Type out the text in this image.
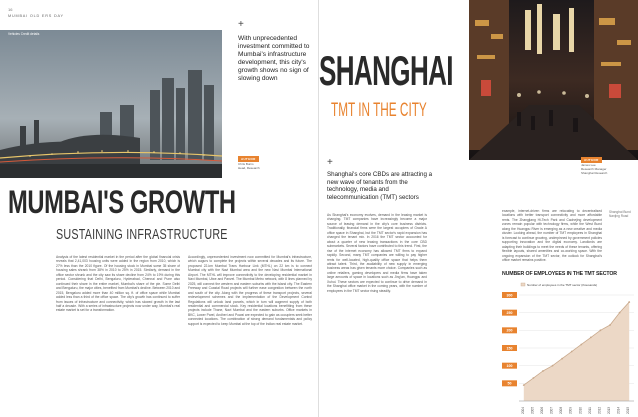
16
MUMBAI OLD ERS DAY
Vehicles Credit details
+
With unprecedented investment committed to Mumbai's infrastructure development, this city's growth shows no sign of slowing down
AUTHOR
Chris Burns
Head, Research
MUMBAI'S GROWTH
SUSTAINING INFRASTRUCTURE
Analysis of the latest residential market in the period after the global financial crisis reveals that 2,41,003 housing units were added in the region from 2010, which is 27% less than the 2010 figure. Of the housing stock in Mumbai some 35 share of housing sales shrank from 38% in 2010 to 25% in 2015. Similarly, demand in the office sector shrunk and the city saw its share decline from 24% to 19% during this period. Considering that Delhi, Bengaluru, Hyderabad, Chennai and Pune also continued their share in the entire market, Mumbai's share of the pie. Some Delhi and Bengaluru, the major cities, benefited from Mumbai's decline. Between 2010 and 2015, Bengaluru added more than 40 million sq. ft. of office space while Mumbai added less than a third of the office space. The city's growth has continued to suffer from issues of infrastructure and connectivity, which has slowed growth in the last half a decade. With a series of infrastructure projects now under way, Mumbai's real estate market is set for a transformation.
Accordingly, unprecedented investment now committed for Mumbai's infrastructure, which augurs to complete the projects within several decades and its future. The proposed 22-km Mumbai Trans Harbour Link (MTHL) on 22 km is to connect Mumbai city with the Navi Mumbai area and the new Navi Mumbai International Airport. The MTHL will improve connectivity to the developing residential market in Navi Mumbai, Ulwe and Panvel. The Mumbai Metro network, with 8 lines planned by 2025, will connect the western and eastern suburbs with the island city. The Eastern Freeway and Coastal Road projects will further ease congestion between the north and south of the city. Along with the progress of these transport projects, several redevelopment schemes and the implementation of the Development Control Regulations will unlock land parcels, which in turn will augment supply of both residential and commercial stock. Key residential locations benefitting from these projects include Thane, Navi Mumbai and the eastern suburbs. Office markets in BKC, Lower Parel, Andheri and Powai are expected to gain as occupiers seek better connected locations. The combination of strong demand fundamentals and policy support is expected to keep Mumbai at the top of the Indian real estate market.
Shanghai Bund
Nanjing Road
AUTHOR
James Lee
Research Manager
Shanghai Research
SHANGHAI
TMT IN THE CITY
+
Shanghai's core CBDs are attracting a new wave of tenants from the technology, media and telecommunication (TMT) sectors
As Shanghai's economy evolves, demand in the leasing market is changing. TMT companies have increasingly become a major source of leasing demand in the city's core business districts. Traditionally, financial firms were the largest occupiers of Grade A office space in Shanghai, but the TMT sector's rapid expansion has changed the tenant mix. In 2016 the TMT sector accounted for about a quarter of new leasing transactions in the core CBD submarkets. Several factors have contributed to this trend. First, the rise of the internet economy has allowed TMT firms to expand rapidly. Second, many TMT companies are willing to pay higher rents for well-located, high-quality office space that helps them attract talent. Third, the availability of new supply in emerging business areas has given tenants more choice. Companies such as online retailers, gaming developers and media firms have taken large amounts of space in locations such as Jing'an, Huangpu and Xuhui. These sectors are expected to continue to drive demand in the Shanghai office market in the coming years, with the number of employees in the TMT sector rising steadily.
example, internet-driven firms are relocating to decentralised locations with better transport connectivity and more affordable rents. The Zhangjiang Hi-Tech Park and Caohejing development zones remain popular with technology firms, while the West Bund along the Huangpu River is emerging as a new creative and media cluster. Looking ahead, the number of TMT employees in Shanghai is forecast to continue growing, underpinned by government policies supporting innovation and the digital economy. Landlords are adapting their buildings to meet the needs of these tenants, offering flexible layouts, shared amenities and co-working space. With the ongoing expansion of the TMT sector, the outlook for Shanghai's office market remains positive.
NUMBER OF EMPLOYEES IN THE TMT SECTOR
50
100
150
200
250
300
2004 2005 2006 2007 2008 2009 2010 2011 2012 2013 2014 2015
Number of employees in the TMT sector (thousands)
